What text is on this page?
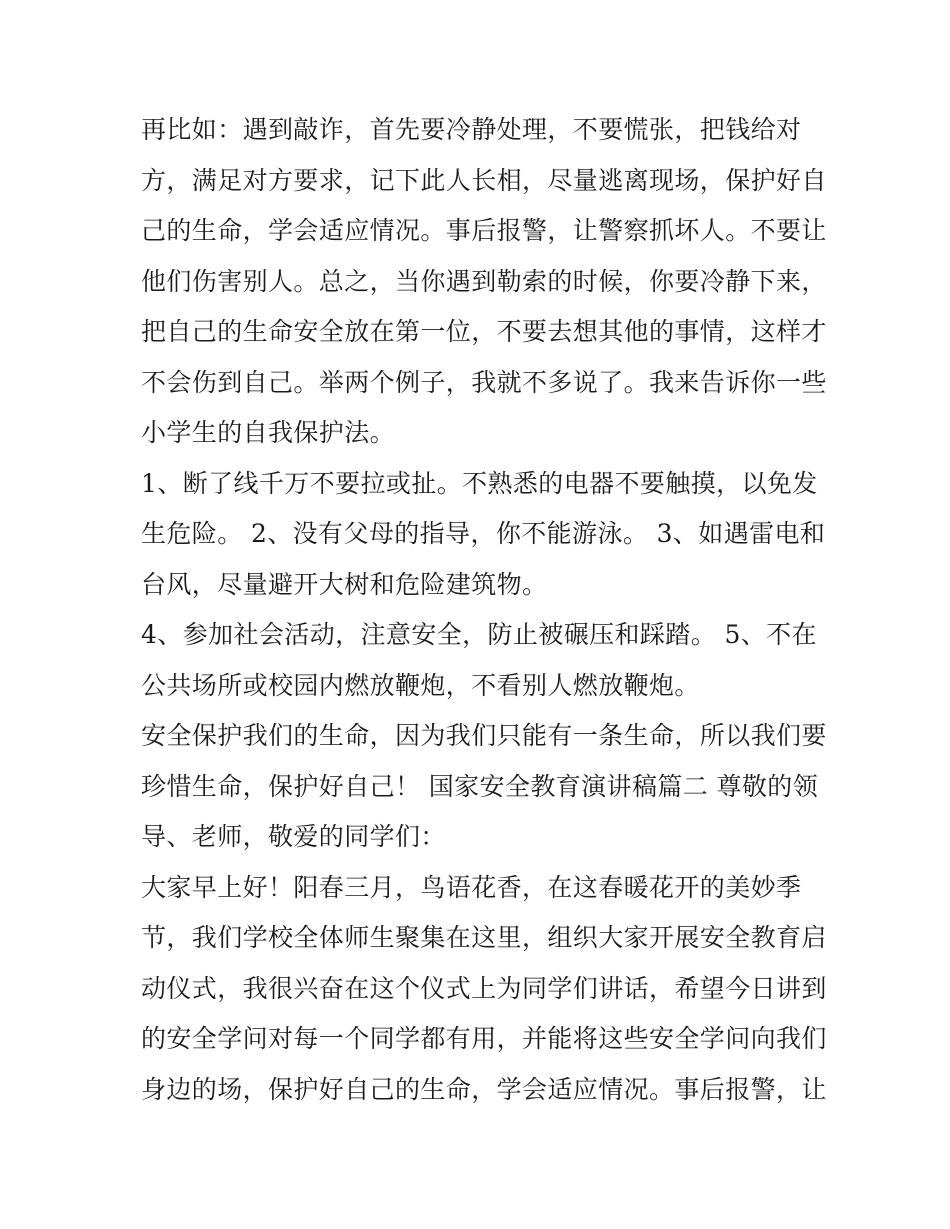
再比如：遇到敲诈，首先要冷静处理，不要慌张，把钱给对
方，满足对方要求，记下此人长相，尽量逃离现场，保护好自
己的生命，学会适应情况。事后报警，让警察抓坏人。不要让
他们伤害别人。总之，当你遇到勒索的时候，你要冷静下来，
把自己的生命安全放在第一位，不要去想其他的事情，这样才
不会伤到自己。举两个例子，我就不多说了。我来告诉你一些
小学生的自我保护法。
1、断了线千万不要拉或扯。不熟悉的电器不要触摸，以免发
生危险。 2、没有父母的指导，你不能游泳。 3、如遇雷电和
台风，尽量避开大树和危险建筑物。
4、参加社会活动，注意安全，防止被碾压和踩踏。 5、不在
公共场所或校园内燃放鞭炮，不看别人燃放鞭炮。
安全保护我们的生命，因为我们只能有一条生命，所以我们要
珍惜生命，保护好自己！ 国家安全教育演讲稿篇二 尊敬的领
导、老师，敬爱的同学们：
大家早上好！阳春三月，鸟语花香，在这春暖花开的美妙季
节，我们学校全体师生聚集在这里，组织大家开展安全教育启
动仪式，我很兴奋在这个仪式上为同学们讲话，希望今日讲到
的安全学问对每一个同学都有用，并能将这些安全学问向我们
身边的场，保护好自己的生命，学会适应情况。事后报警，让
